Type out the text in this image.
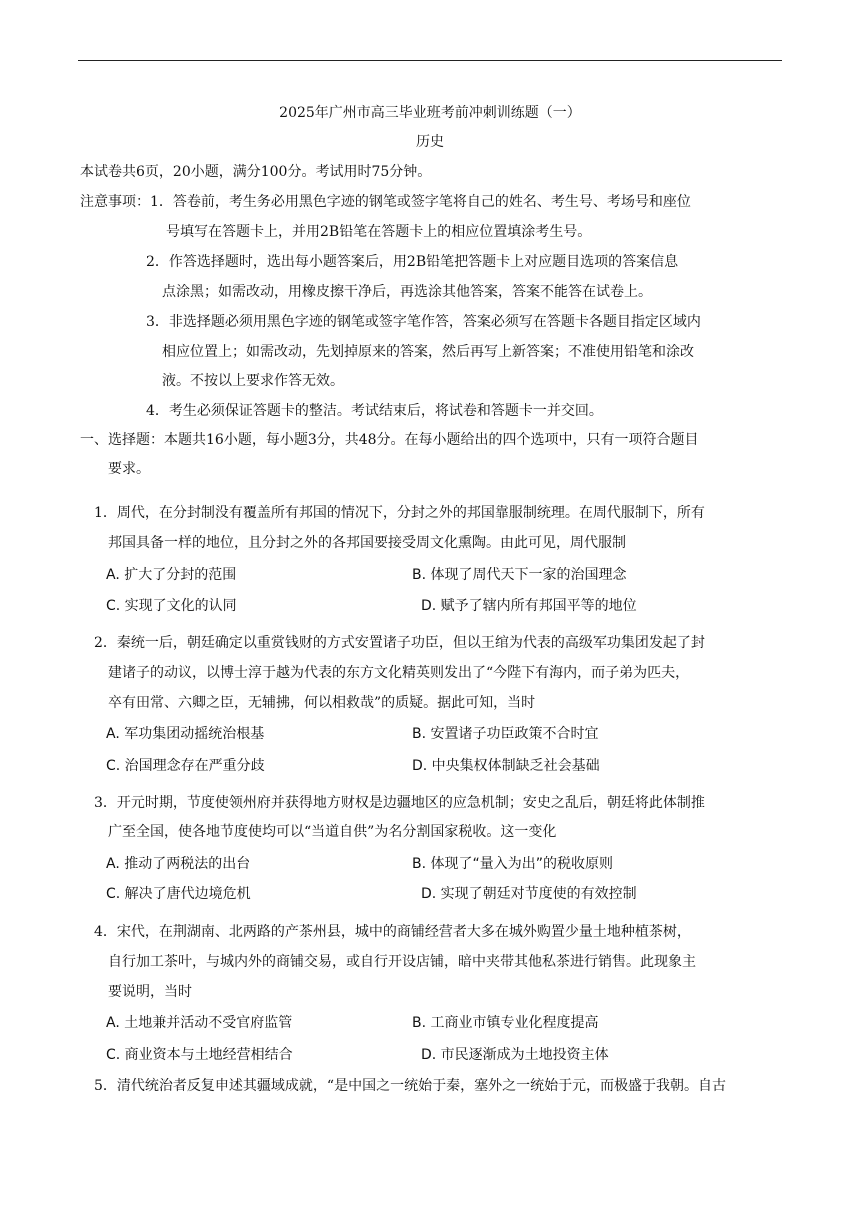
2025年广州市高三毕业班考前冲刺训练题（一）
历史
本试卷共6页，20小题，满分100分。考试用时75分钟。
注意事项： 1．答卷前，考生务必用黑色字迹的钢笔或签字笔将自己的姓名、考生号、考场号和座位
号填写在答题卡上，并用2B铅笔在答题卡上的相应位置填涂考生号。
2．作答选择题时，选出每小题答案后，用2B铅笔把答题卡上对应题目选项的答案信息
点涂黑；如需改动，用橡皮擦干净后，再选涂其他答案，答案不能答在试卷上。
3．非选择题必须用黑色字迹的钢笔或签字笔作答，答案必须写在答题卡各题目指定区域内
相应位置上；如需改动，先划掉原来的答案，然后再写上新答案；不准使用铅笔和涂改
液。不按以上要求作答无效。
4．考生必须保证答题卡的整洁。考试结束后，将试卷和答题卡一并交回。
一、选择题：本题共16小题，每小题3分，共48分。在每小题给出的四个选项中，只有一项符合题目
要求。
1．周代，在分封制没有覆盖所有邦国的情况下，分封之外的邦国靠服制统理。在周代服制下，所有
邦国具备一样的地位，且分封之外的各邦国要接受周文化熏陶。由此可见，周代服制
A. 扩大了分封的范围	B. 体现了周代天下一家的治国理念
C. 实现了文化的认同	D. 赋予了辖内所有邦国平等的地位
2．秦统一后，朝廷确定以重赏钱财的方式安置诸子功臣，但以王绾为代表的高级军功集团发起了封
建诸子的动议，以博士淳于越为代表的东方文化精英则发出了“今陛下有海内，而子弟为匹夫，
卒有田常、六卿之臣，无辅拂，何以相救哉”的质疑。据此可知，当时
A. 军功集团动摇统治根基	B. 安置诸子功臣政策不合时宜
C. 治国理念存在严重分歧	D. 中央集权体制缺乏社会基础
3．开元时期，节度使领州府并获得地方财权是边疆地区的应急机制；安史之乱后，朝廷将此体制推
广至全国，使各地节度使均可以“当道自供”为名分割国家税收。这一变化
A. 推动了两税法的出台	B. 体现了“量入为出”的税收原则
C. 解决了唐代边境危机	D. 实现了朝廷对节度使的有效控制
4．宋代，在荆湖南、北两路的产茶州县，城中的商铺经营者大多在城外购置少量土地种植茶树，
自行加工茶叶，与城内外的商铺交易，或自行开设店铺，暗中夹带其他私茶进行销售。此现象主
要说明，当时
A. 土地兼并活动不受官府监管	B. 工商业市镇专业化程度提高
C. 商业资本与土地经营相结合	D. 市民逐渐成为土地投资主体
5．清代统治者反复申述其疆域成就，“是中国之一统始于秦，塞外之一统始于元，而极盛于我朝。自古
